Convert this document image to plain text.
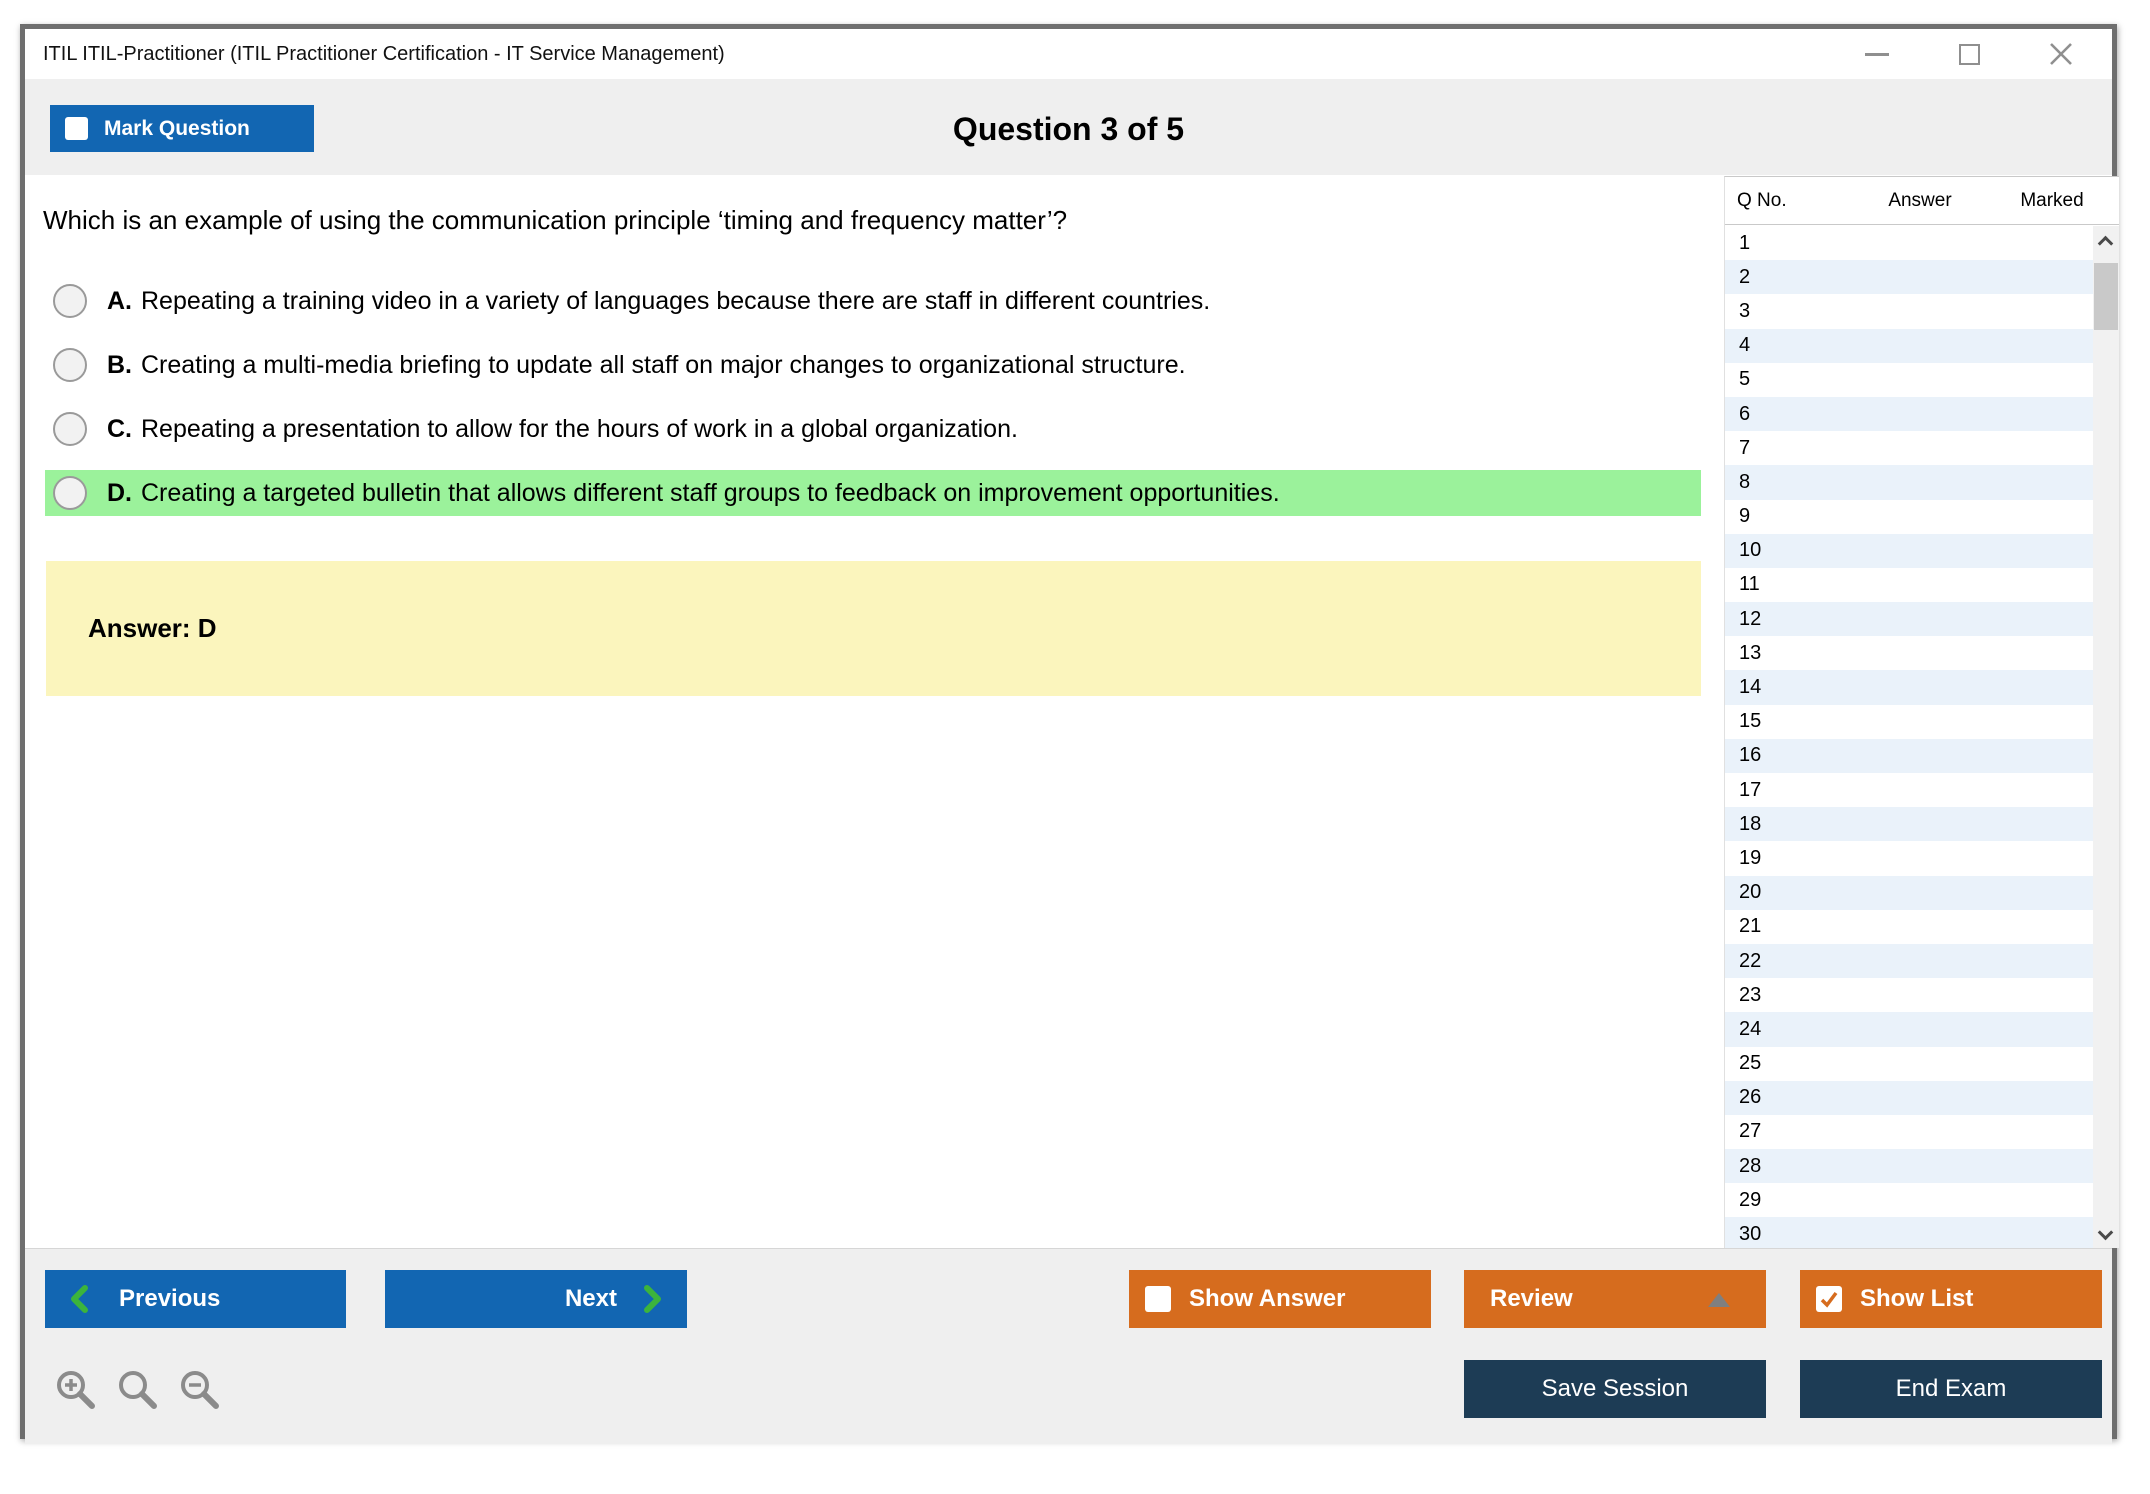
ITIL ITIL-Practitioner (ITIL Practitioner Certification - IT Service Management)
Mark Question	Question 3 of 5
Which is an example of using the communication principle ‘timing and frequency matter’?
A. Repeating a training video in a variety of languages because there are staff in different countries.
B. Creating a multi-media briefing to update all staff on major changes to organizational structure.
C. Repeating a presentation to allow for the hours of work in a global organization.
D. Creating a targeted bulletin that allows different staff groups to feedback on improvement opportunities.
Answer: D
Q No.	Answer	Marked
1
2
3
4
5
6
7
8
9
10
11
12
13
14
15
16
17
18
19
20
21
22
23
24
25
26
27
28
29
30
Previous	Next	Show Answer	Review	Show List
Save Session	End Exam
